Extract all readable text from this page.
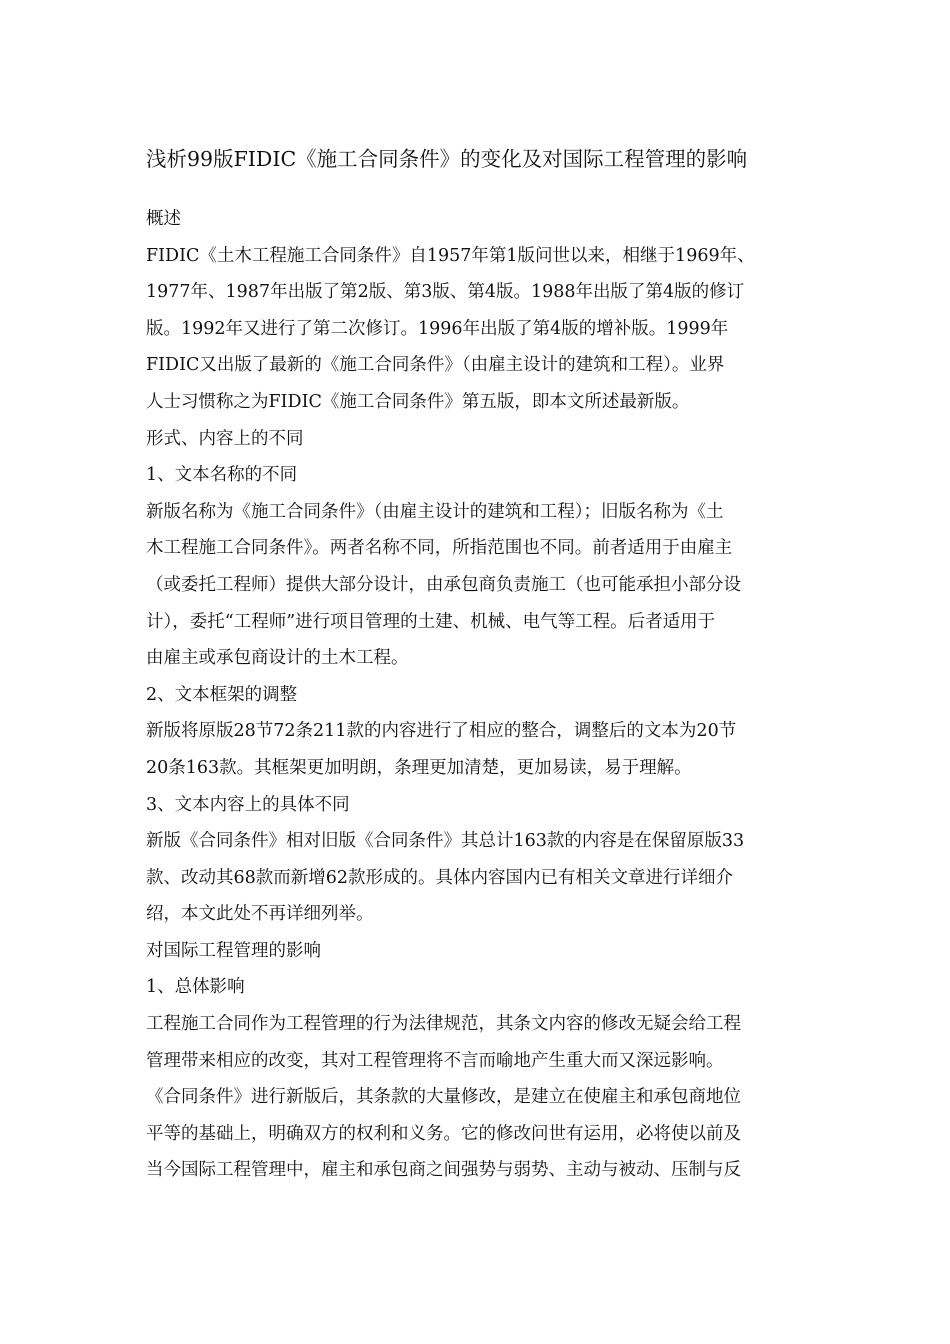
浅析99版FIDIC《施工合同条件》的变化及对国际工程管理的影响
概述
FIDIC《土木工程施工合同条件》自1957年第1版问世以来，相继于1969年、
1977年、1987年出版了第2版、第3版、第4版。1988年出版了第4版的修订
版。1992年又进行了第二次修订。1996年出版了第4版的增补版。1999年
FIDIC又出版了最新的《施工合同条件》（由雇主设计的建筑和工程）。业界
人士习惯称之为FIDIC《施工合同条件》第五版，即本文所述最新版。
形式、内容上的不同
1、文本名称的不同
新版名称为《施工合同条件》（由雇主设计的建筑和工程）；旧版名称为《土
木工程施工合同条件》。两者名称不同，所指范围也不同。前者适用于由雇主
（或委托工程师）提供大部分设计，由承包商负责施工（也可能承担小部分设
计），委托“工程师”进行项目管理的土建、机械、电气等工程。后者适用于
由雇主或承包商设计的土木工程。
2、文本框架的调整
新版将原版28节72条211款的内容进行了相应的整合，调整后的文本为20节
20条163款。其框架更加明朗，条理更加清楚，更加易读，易于理解。
3、文本内容上的具体不同
新版《合同条件》相对旧版《合同条件》其总计163款的内容是在保留原版33
款、改动其68款而新增62款形成的。具体内容国内已有相关文章进行详细介
绍，本文此处不再详细列举。
对国际工程管理的影响
1、总体影响
工程施工合同作为工程管理的行为法律规范，其条文内容的修改无疑会给工程
管理带来相应的改变，其对工程管理将不言而喻地产生重大而又深远影响。
《合同条件》进行新版后，其条款的大量修改，是建立在使雇主和承包商地位
平等的基础上，明确双方的权利和义务。它的修改问世有运用，必将使以前及
当今国际工程管理中，雇主和承包商之间强势与弱势、主动与被动、压制与反
